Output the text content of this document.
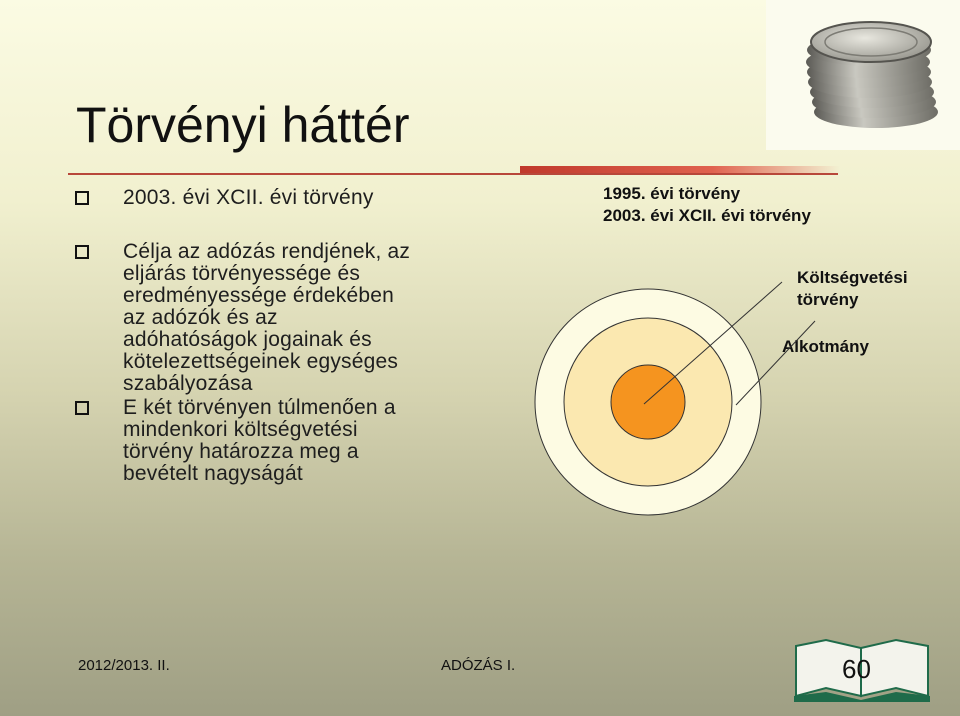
Törvényi háttér
2003. évi XCII. évi törvény
Célja az adózás rendjének, az
eljárás törvényessége és
eredményessége érdekében
az adózók és az
adóhatóságok jogainak és
kötelezettségeinek egységes
szabályozása
E két törvényen túlmenően a
mindenkori költségvetési
törvény határozza meg a
bevételt nagyságát
1995. évi törvény
2003. évi XCII. évi törvény
Költségvetési
törvény
Alkotmány
2012/2013. II.	ADÓZÁS I.	60
